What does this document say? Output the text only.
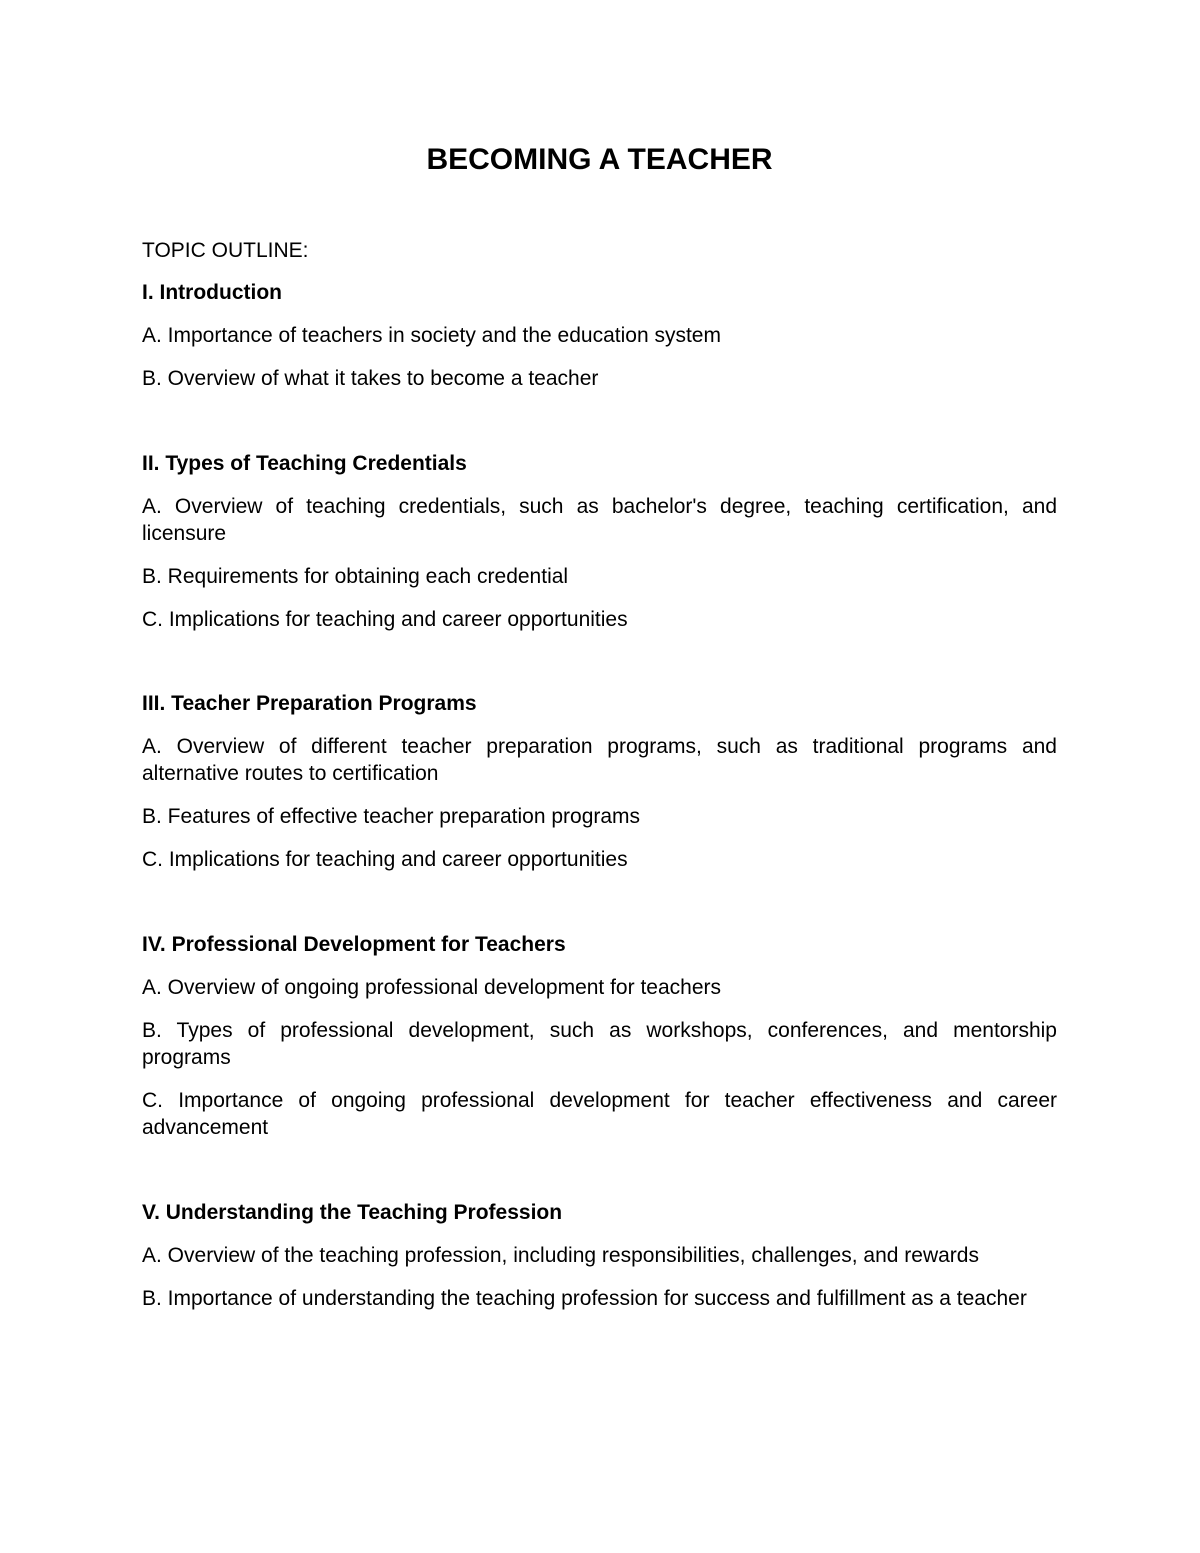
BECOMING A TEACHER

TOPIC OUTLINE:

I. Introduction

A. Importance of teachers in society and the education system

B. Overview of what it takes to become a teacher

II. Types of Teaching Credentials

A. Overview of teaching credentials, such as bachelor's degree, teaching certification, and licensure

B. Requirements for obtaining each credential

C. Implications for teaching and career opportunities

III. Teacher Preparation Programs

A. Overview of different teacher preparation programs, such as traditional programs and alternative routes to certification

B. Features of effective teacher preparation programs

C. Implications for teaching and career opportunities

IV. Professional Development for Teachers

A. Overview of ongoing professional development for teachers

B. Types of professional development, such as workshops, conferences, and mentorship programs

C. Importance of ongoing professional development for teacher effectiveness and career advancement

V. Understanding the Teaching Profession

A. Overview of the teaching profession, including responsibilities, challenges, and rewards

B. Importance of understanding the teaching profession for success and fulfillment as a teacher
